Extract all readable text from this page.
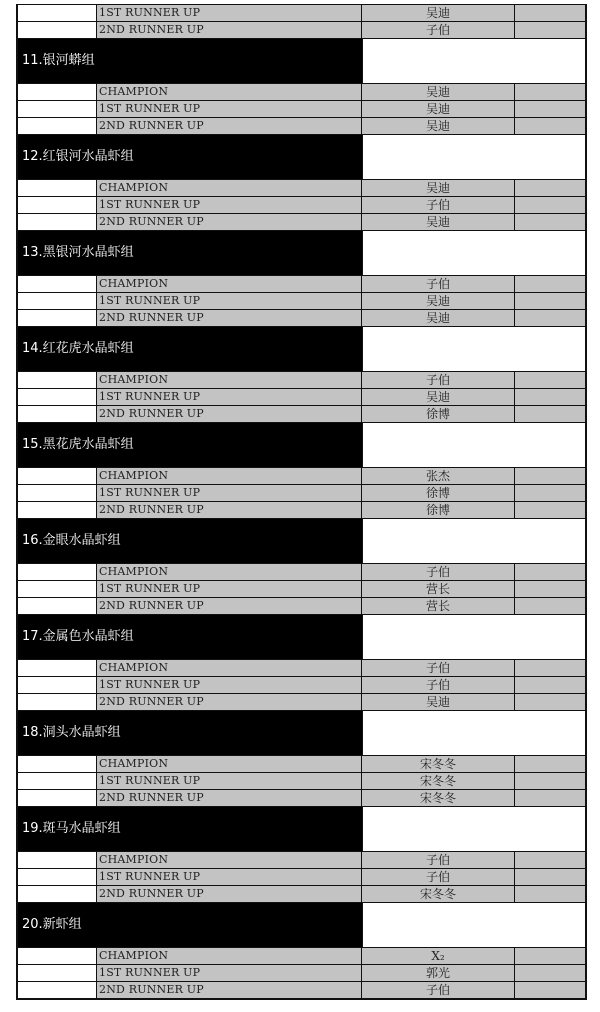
1ST RUNNER UP	吴迪
2ND RUNNER UP	子伯
11.银河蟒组
CHAMPION	吴迪
1ST RUNNER UP	吴迪
2ND RUNNER UP	吴迪
12.红银河水晶虾组
CHAMPION	吴迪
1ST RUNNER UP	子伯
2ND RUNNER UP	吴迪
13.黑银河水晶虾组
CHAMPION	子伯
1ST RUNNER UP	吴迪
2ND RUNNER UP	吴迪
14.红花虎水晶虾组
CHAMPION	子伯
1ST RUNNER UP	吴迪
2ND RUNNER UP	徐博
15.黑花虎水晶虾组
CHAMPION	张杰
1ST RUNNER UP	徐博
2ND RUNNER UP	徐博
16.金眼水晶虾组
CHAMPION	子伯
1ST RUNNER UP	营长
2ND RUNNER UP	营长
17.金属色水晶虾组
CHAMPION	子伯
1ST RUNNER UP	子伯
2ND RUNNER UP	吴迪
18.洞头水晶虾组
CHAMPION	宋冬冬
1ST RUNNER UP	宋冬冬
2ND RUNNER UP	宋冬冬
19.斑马水晶虾组
CHAMPION	子伯
1ST RUNNER UP	子伯
2ND RUNNER UP	宋冬冬
20.新虾组
CHAMPION	X₂
1ST RUNNER UP	郭光
2ND RUNNER UP	子伯
